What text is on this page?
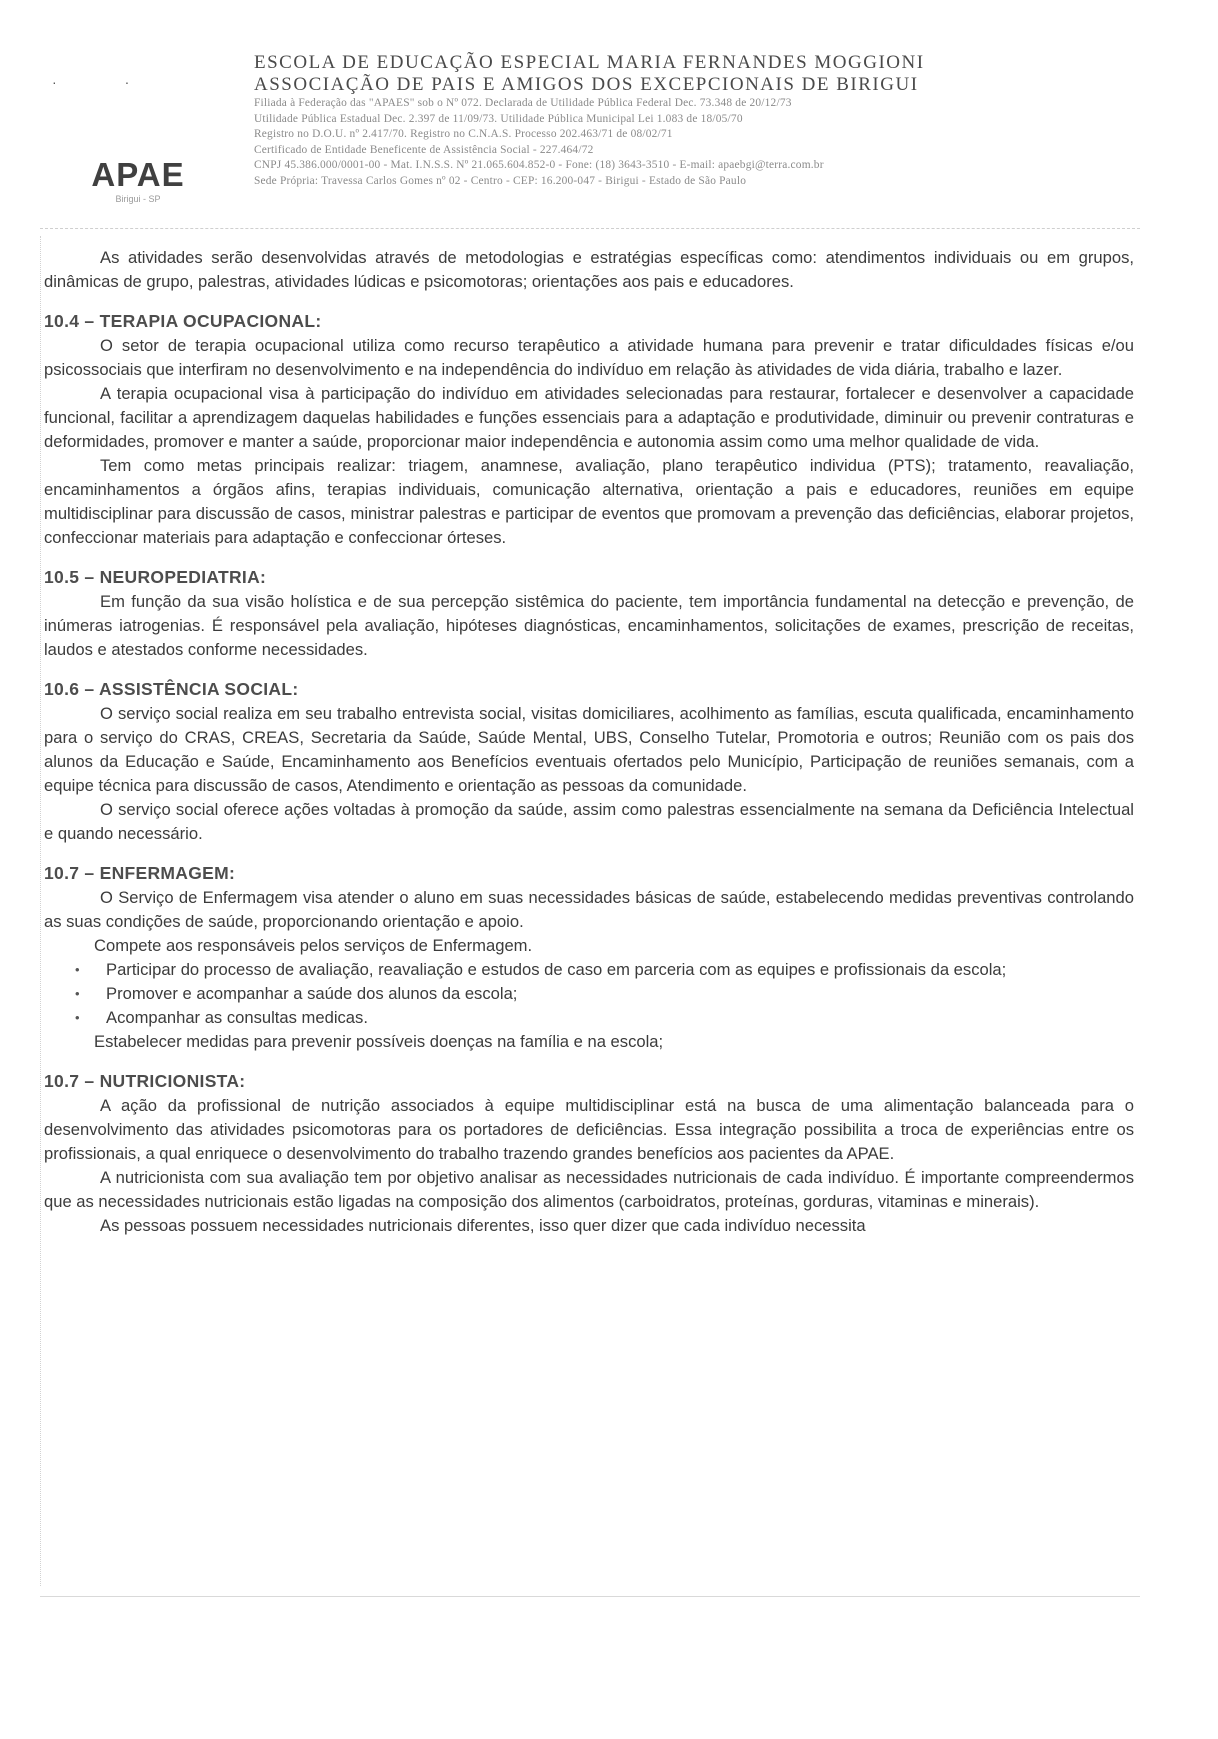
··
APAE
Birigui - SP
ESCOLA DE EDUCAÇÃO ESPECIAL MARIA FERNANDES MOGGIONI
ASSOCIAÇÃO DE PAIS E AMIGOS DOS EXCEPCIONAIS DE BIRIGUI
Filiada à Federação das "APAES" sob o Nº 072. Declarada de Utilidade Pública Federal Dec. 73.348 de 20/12/73
Utilidade Pública Estadual Dec. 2.397 de 11/09/73. Utilidade Pública Municipal Lei 1.083 de 18/05/70
Registro no D.O.U. nº 2.417/70. Registro no C.N.A.S. Processo 202.463/71 de 08/02/71
Certificado de Entidade Beneficente de Assistência Social - 227.464/72
CNPJ 45.386.000/0001-00 - Mat. I.N.S.S. Nº 21.065.604.852-0 - Fone: (18) 3643-3510 - E-mail: apaebgi@terra.com.br
Sede Própria: Travessa Carlos Gomes nº 02 - Centro - CEP: 16.200-047 - Birigui - Estado de São Paulo

As atividades serão desenvolvidas através de metodologias e estratégias específicas como: atendimentos individuais ou em grupos, dinâmicas de grupo, palestras, atividades lúdicas e psicomotoras; orientações aos pais e educadores.

10.4 – TERAPIA OCUPACIONAL:

O setor de terapia ocupacional utiliza como recurso terapêutico a atividade humana para prevenir e tratar dificuldades físicas e/ou psicossociais que interfiram no desenvolvimento e na independência do indivíduo em relação às atividades de vida diária, trabalho e lazer.

A terapia ocupacional visa à participação do indivíduo em atividades selecionadas para restaurar, fortalecer e desenvolver a capacidade funcional, facilitar a aprendizagem daquelas habilidades e funções essenciais para a adaptação e produtividade, diminuir ou prevenir contraturas e deformidades, promover e manter a saúde, proporcionar maior independência e autonomia assim como uma melhor qualidade de vida.

Tem como metas principais realizar: triagem, anamnese, avaliação, plano terapêutico individua (PTS); tratamento, reavaliação, encaminhamentos a órgãos afins, terapias individuais, comunicação alternativa, orientação a pais e educadores, reuniões em equipe multidisciplinar para discussão de casos, ministrar palestras e participar de eventos que promovam a prevenção das deficiências, elaborar projetos, confeccionar materiais para adaptação e confeccionar órteses.

10.5 – NEUROPEDIATRIA:

Em função da sua visão holística e de sua percepção sistêmica do paciente, tem importância fundamental na detecção e prevenção, de inúmeras iatrogenias. É responsável pela avaliação, hipóteses diagnósticas, encaminhamentos, solicitações de exames, prescrição de receitas, laudos e atestados conforme necessidades.

10.6 – ASSISTÊNCIA SOCIAL:

O serviço social realiza em seu trabalho entrevista social, visitas domiciliares, acolhimento as famílias, escuta qualificada, encaminhamento para o serviço do CRAS, CREAS, Secretaria da Saúde, Saúde Mental, UBS, Conselho Tutelar, Promotoria e outros; Reunião com os pais dos alunos da Educação e Saúde, Encaminhamento aos Benefícios eventuais ofertados pelo Município, Participação de reuniões semanais, com a equipe técnica para discussão de casos, Atendimento e orientação as pessoas da comunidade.

O serviço social oferece ações voltadas à promoção da saúde, assim como palestras essencialmente na semana da Deficiência Intelectual e quando necessário.

10.7 – ENFERMAGEM:

O Serviço de Enfermagem visa atender o aluno em suas necessidades básicas de saúde, estabelecendo medidas preventivas controlando as suas condições de saúde, proporcionando orientação e apoio.

Compete aos responsáveis pelos serviços de Enfermagem.

• Participar do processo de avaliação, reavaliação e estudos de caso em parceria com as equipes e profissionais da escola;
• Promover e acompanhar a saúde dos alunos da escola;
• Acompanhar as consultas medicas.

Estabelecer medidas para prevenir possíveis doenças na família e na escola;

10.7 – NUTRICIONISTA:

A ação da profissional de nutrição associados à equipe multidisciplinar está na busca de uma alimentação balanceada para o desenvolvimento das atividades psicomotoras para os portadores de deficiências. Essa integração possibilita a troca de experiências entre os profissionais, a qual enriquece o desenvolvimento do trabalho trazendo grandes benefícios aos pacientes da APAE.

A nutricionista com sua avaliação tem por objetivo analisar as necessidades nutricionais de cada indivíduo. É importante compreendermos que as necessidades nutricionais estão ligadas na composição dos alimentos (carboidratos, proteínas, gorduras, vitaminas e minerais).

As pessoas possuem necessidades nutricionais diferentes, isso quer dizer que cada indivíduo necessita
